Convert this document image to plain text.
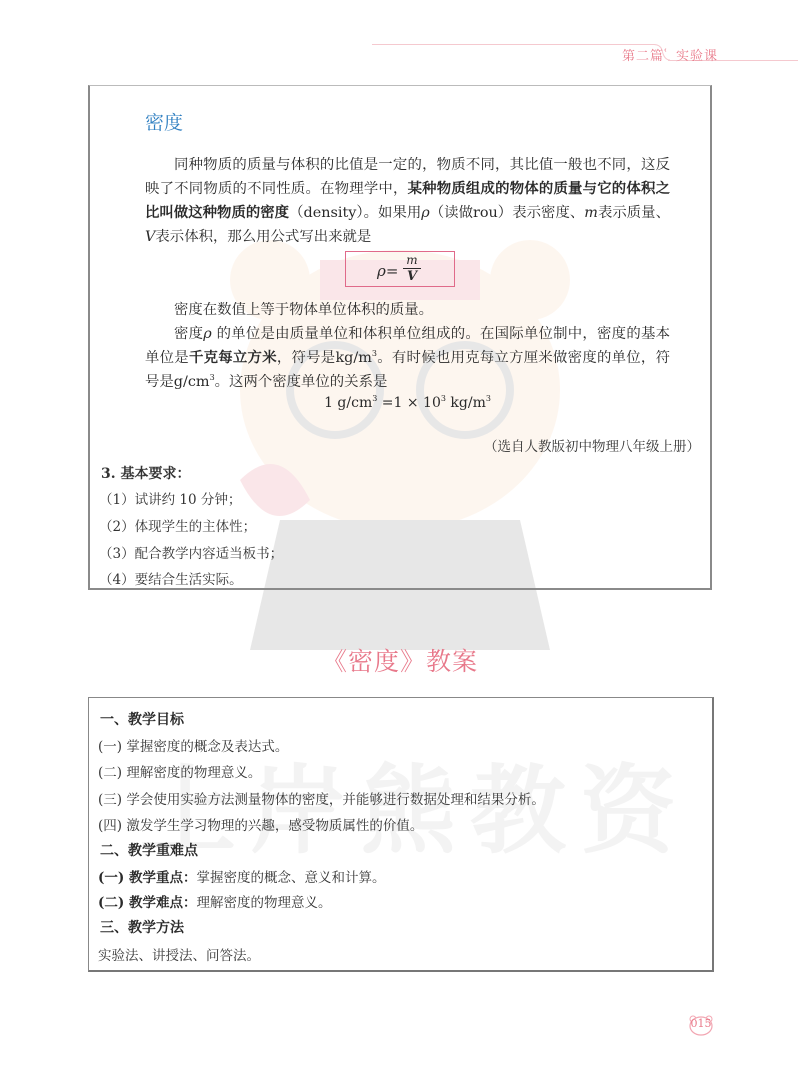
第二篇 ʿ 实验课
密度
同种物质的质量与体积的比值是一定的，物质不同，其比值一般也不同，这反映了不同物质的不同性质。在物理学中，某种物质组成的物体的质量与它的体积之比叫做这种物质的密度（density）。如果用ρ（读做rou）表示密度、m表示质量、V表示体积，那么用公式写出来就是
ρ=
m
V
密度在数值上等于物体单位体积的质量。
密度ρ 的单位是由质量单位和体积单位组成的。在国际单位制中，密度的基本单位是千克每立方米，符号是$kg/m^3$。有时候也用克每立方厘米做密度的单位，符号是$g/cm^3$。这两个密度单位的关系是
1 $g/cm^3 =1 \times 10^3$ $kg/m^3$
（选自人教版初中物理八年级上册）
3. 基本要求：
（1）试讲约 10 分钟；
（2）体现学生的主体性；
（3）配合教学内容适当板书；
（4）要结合生活实际。
《密度》教案
一、教学目标
(一) 掌握密度的概念及表达式。
(二) 理解密度的物理意义。
(三) 学会使用实验方法测量物体的密度，并能够进行数据处理和结果分析。
(四) 激发学生学习物理的兴趣，感受物质属性的价值。
二、教学重难点
(一) 教学重点：掌握密度的概念、意义和计算。
(二) 教学难点：理解密度的物理意义。
三、教学方法
实验法、讲授法、问答法。
015
